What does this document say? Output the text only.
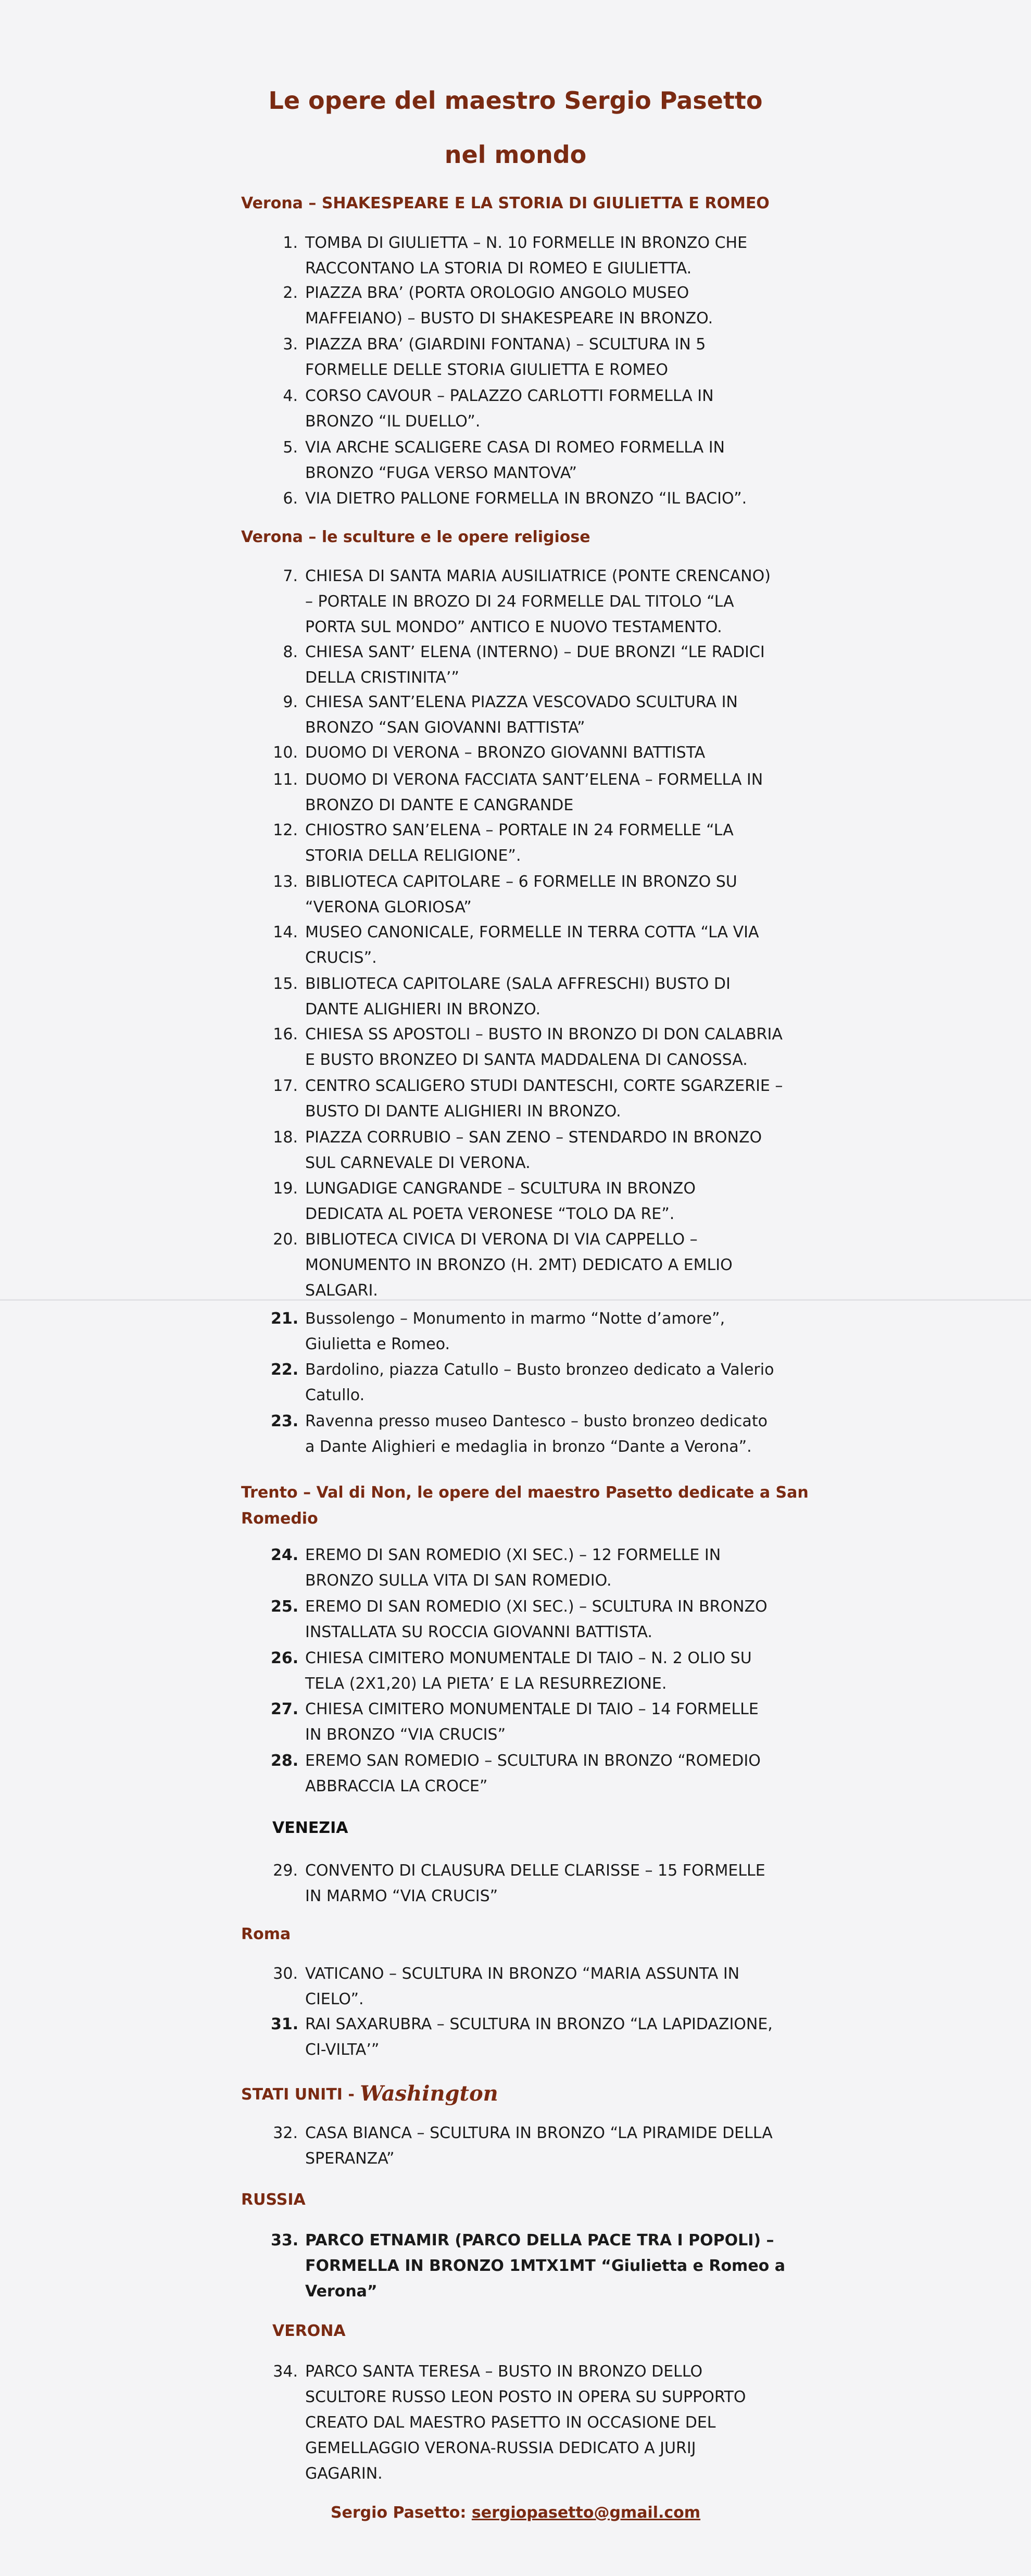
Le opere del maestro Sergio Pasetto
nel mondo
Verona – SHAKESPEARE E LA STORIA DI GIULIETTA E ROMEO
Verona – le sculture e le opere religiose
Trento – Val di Non, le opere del maestro Pasetto dedicate a San
Romedio
VENEZIA
Roma
STATI UNITI - Washington
RUSSIA
VERONA
1. TOMBA DI GIULIETTA – N. 10 FORMELLE IN BRONZO CHE
RACCONTANO LA STORIA DI ROMEO E GIULIETTA.
2. PIAZZA BRA’ (PORTA OROLOGIO ANGOLO MUSEO
MAFFEIANO) – BUSTO DI SHAKESPEARE IN BRONZO.
3. PIAZZA BRA’ (GIARDINI FONTANA) – SCULTURA IN 5
FORMELLE DELLE STORIA GIULIETTA E ROMEO
4. CORSO CAVOUR – PALAZZO CARLOTTI FORMELLA IN
BRONZO “IL DUELLO”.
5. VIA ARCHE SCALIGERE CASA DI ROMEO FORMELLA IN
BRONZO “FUGA VERSO MANTOVA”
6. VIA DIETRO PALLONE FORMELLA IN BRONZO “IL BACIO”.
7. CHIESA DI SANTA MARIA AUSILIATRICE (PONTE CRENCANO)
– PORTALE IN BROZO DI 24 FORMELLE DAL TITOLO “LA
PORTA SUL MONDO” ANTICO E NUOVO TESTAMENTO.
8. CHIESA SANT’ ELENA (INTERNO) – DUE BRONZI “LE RADICI
DELLA CRISTINITA’”
9. CHIESA SANT’ELENA PIAZZA VESCOVADO SCULTURA IN
BRONZO “SAN GIOVANNI BATTISTA”
10. DUOMO DI VERONA – BRONZO GIOVANNI BATTISTA
11. DUOMO DI VERONA FACCIATA SANT’ELENA – FORMELLA IN
BRONZO DI DANTE E CANGRANDE
12. CHIOSTRO SAN’ELENA – PORTALE IN 24 FORMELLE “LA
STORIA DELLA RELIGIONE”.
13. BIBLIOTECA CAPITOLARE – 6 FORMELLE IN BRONZO SU
“VERONA GLORIOSA”
14. MUSEO CANONICALE, FORMELLE IN TERRA COTTA “LA VIA
CRUCIS”.
15. BIBLIOTECA CAPITOLARE (SALA AFFRESCHI) BUSTO DI
DANTE ALIGHIERI IN BRONZO.
16. CHIESA SS APOSTOLI – BUSTO IN BRONZO DI DON CALABRIA
E BUSTO BRONZEO DI SANTA MADDALENA DI CANOSSA.
17. CENTRO SCALIGERO STUDI DANTESCHI, CORTE SGARZERIE –
BUSTO DI DANTE ALIGHIERI IN BRONZO.
18. PIAZZA CORRUBIO – SAN ZENO – STENDARDO IN BRONZO
SUL CARNEVALE DI VERONA.
19. LUNGADIGE CANGRANDE – SCULTURA IN BRONZO
DEDICATA AL POETA VERONESE “TOLO DA RE”.
20. BIBLIOTECA CIVICA DI VERONA DI VIA CAPPELLO –
MONUMENTO IN BRONZO (H. 2MT) DEDICATO A EMLIO
SALGARI.
21. Bussolengo – Monumento in marmo “Notte d’amore”,
Giulietta e Romeo.
22. Bardolino, piazza Catullo – Busto bronzeo dedicato a Valerio
Catullo.
23. Ravenna presso museo Dantesco – busto bronzeo dedicato
a Dante Alighieri e medaglia in bronzo “Dante a Verona”.
24. EREMO DI SAN ROMEDIO (XI SEC.) – 12 FORMELLE IN
BRONZO SULLA VITA DI SAN ROMEDIO.
25. EREMO DI SAN ROMEDIO (XI SEC.) – SCULTURA IN BRONZO
INSTALLATA SU ROCCIA GIOVANNI BATTISTA.
26. CHIESA CIMITERO MONUMENTALE DI TAIO – N. 2 OLIO SU
TELA (2X1,20) LA PIETA’ E LA RESURREZIONE.
27. CHIESA CIMITERO MONUMENTALE DI TAIO – 14 FORMELLE
IN BRONZO “VIA CRUCIS”
28. EREMO SAN ROMEDIO – SCULTURA IN BRONZO “ROMEDIO
ABBRACCIA LA CROCE”
29. CONVENTO DI CLAUSURA DELLE CLARISSE – 15 FORMELLE
IN MARMO “VIA CRUCIS”
30. VATICANO – SCULTURA IN BRONZO “MARIA ASSUNTA IN
CIELO”.
31. RAI SAXARUBRA – SCULTURA IN BRONZO “LA LAPIDAZIONE,
CI-VILTA’”
32. CASA BIANCA – SCULTURA IN BRONZO “LA PIRAMIDE DELLA
SPERANZA”
33. PARCO ETNAMIR (PARCO DELLA PACE TRA I POPOLI) –
FORMELLA IN BRONZO 1MTX1MT “Giulietta e Romeo a
Verona”
34. PARCO SANTA TERESA – BUSTO IN BRONZO DELLO
SCULTORE RUSSO LEON POSTO IN OPERA SU SUPPORTO
CREATO DAL MAESTRO PASETTO IN OCCASIONE DEL
GEMELLAGGIO VERONA-RUSSIA DEDICATO A JURIJ
GAGARIN.
Sergio Pasetto: sergiopasetto@gmail.com
